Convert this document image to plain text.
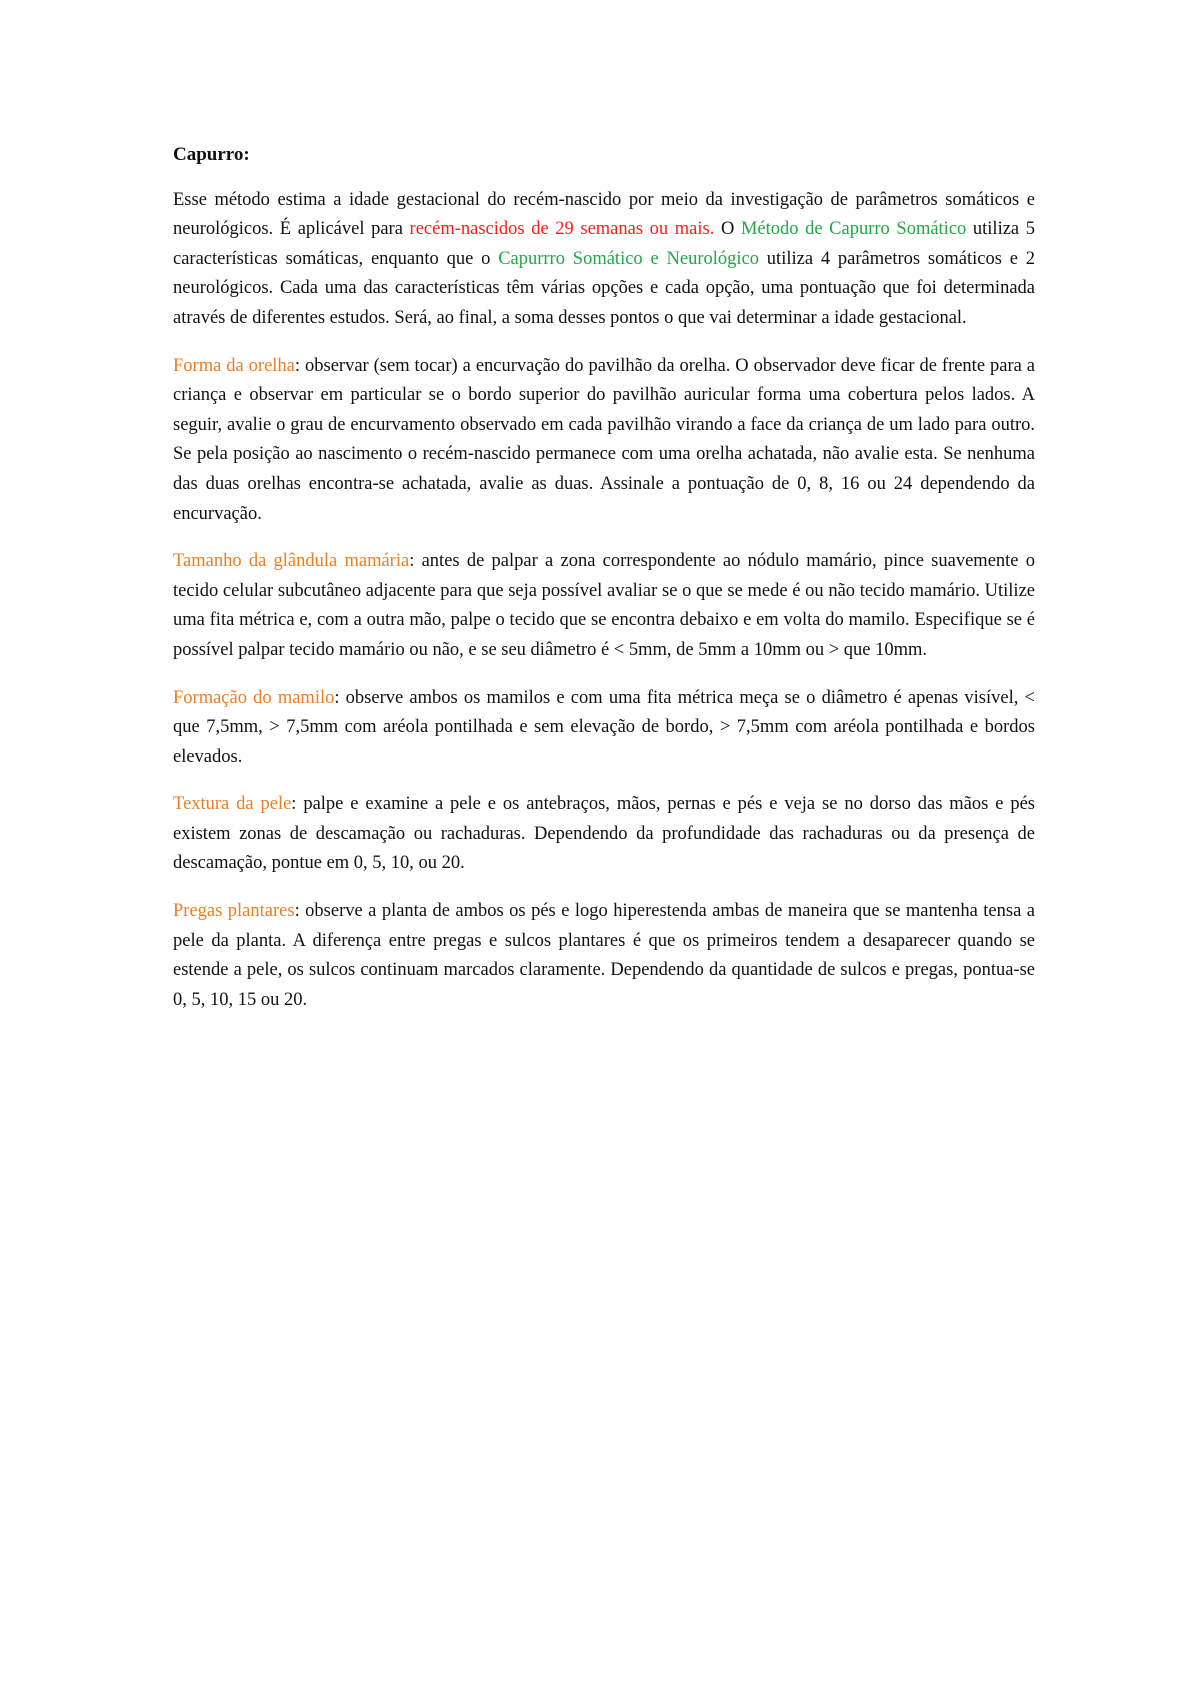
Capurro:

Esse método estima a idade gestacional do recém-nascido por meio da investigação de parâmetros somáticos e neurológicos. É aplicável para recém-nascidos de 29 semanas ou mais. O Método de Capurro Somático utiliza 5 características somáticas, enquanto que o Capurrro Somático e Neurológico utiliza 4 parâmetros somáticos e 2 neurológicos. Cada uma das características têm várias opções e cada opção, uma pontuação que foi determinada através de diferentes estudos. Será, ao final, a soma desses pontos o que vai determinar a idade gestacional.

Forma da orelha: observar (sem tocar) a encurvação do pavilhão da orelha. O observador deve ficar de frente para a criança e observar em particular se o bordo superior do pavilhão auricular forma uma cobertura pelos lados. A seguir, avalie o grau de encurvamento observado em cada pavilhão virando a face da criança de um lado para outro. Se pela posição ao nascimento o recém-nascido permanece com uma orelha achatada, não avalie esta. Se nenhuma das duas orelhas encontra-se achatada, avalie as duas. Assinale a pontuação de 0, 8, 16 ou 24 dependendo da encurvação.

Tamanho da glândula mamária: antes de palpar a zona correspondente ao nódulo mamário, pince suavemente o tecido celular subcutâneo adjacente para que seja possível avaliar se o que se mede é ou não tecido mamário. Utilize uma fita métrica e, com a outra mão, palpe o tecido que se encontra debaixo e em volta do mamilo. Especifique se é possível palpar tecido mamário ou não, e se seu diâmetro é < 5mm, de 5mm a 10mm ou > que 10mm.

Formação do mamilo: observe ambos os mamilos e com uma fita métrica meça se o diâmetro é apenas visível, < que 7,5mm, > 7,5mm com aréola pontilhada e sem elevação de bordo, > 7,5mm com aréola pontilhada e bordos elevados.

Textura da pele: palpe e examine a pele e os antebraços, mãos, pernas e pés e veja se no dorso das mãos e pés existem zonas de descamação ou rachaduras. Dependendo da profundidade das rachaduras ou da presença de descamação, pontue em 0, 5, 10, ou 20.

Pregas plantares: observe a planta de ambos os pés e logo hiperestenda ambas de maneira que se mantenha tensa a pele da planta. A diferença entre pregas e sulcos plantares é que os primeiros tendem a desaparecer quando se estende a pele, os sulcos continuam marcados claramente. Dependendo da quantidade de sulcos e pregas, pontua-se 0, 5, 10, 15 ou 20.
